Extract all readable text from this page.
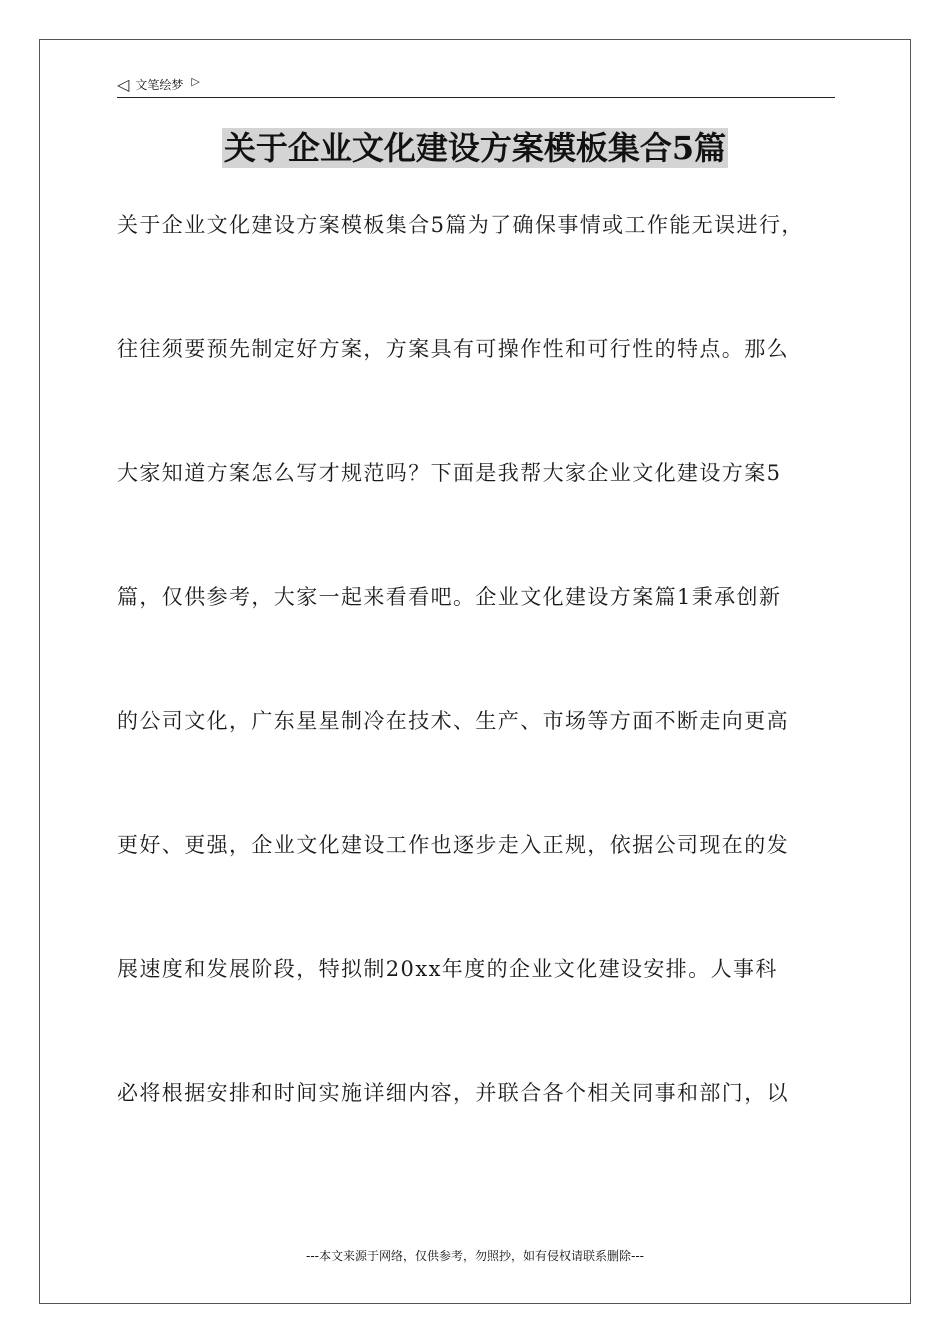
◁ 文笔绘梦 ▷
关于企业文化建设方案模板集合5篇
关于企业文化建设方案模板集合5篇为了确保事情或工作能无误进行，
往往须要预先制定好方案，方案具有可操作性和可行性的特点。那么
大家知道方案怎么写才规范吗？下面是我帮大家企业文化建设方案5
篇，仅供参考，大家一起来看看吧。企业文化建设方案篇1秉承创新
的公司文化，广东星星制冷在技术、生产、市场等方面不断走向更高
更好、更强，企业文化建设工作也逐步走入正规，依据公司现在的发
展速度和发展阶段，特拟制20xx年度的企业文化建设安排。人事科
必将根据安排和时间实施详细内容，并联合各个相关同事和部门，以
---本文来源于网络，仅供参考，勿照抄，如有侵权请联系删除---
